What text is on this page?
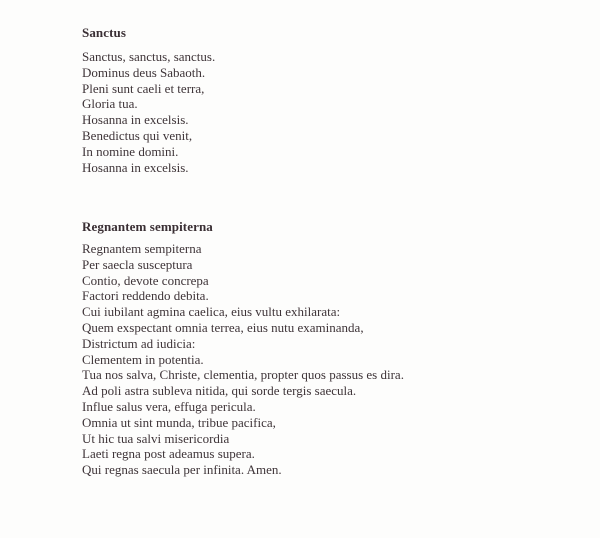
Sanctus
Sanctus, sanctus, sanctus.
Dominus deus Sabaoth.
Pleni sunt caeli et terra,
Gloria tua.
Hosanna in excelsis.
Benedictus qui venit,
In nomine domini.
Hosanna in excelsis.
Regnantem sempiterna
Regnantem sempiterna
Per saecla susceptura
Contio, devote concrepa
Factori reddendo debita.
Cui iubilant agmina caelica, eius vultu exhilarata:
Quem exspectant omnia terrea, eius nutu examinanda,
Districtum ad iudicia:
Clementem in potentia.
Tua nos salva, Christe, clementia, propter quos passus es dira.
Ad poli astra subleva nitida, qui sorde tergis saecula.
Influe salus vera, effuga pericula.
Omnia ut sint munda, tribue pacifica,
Ut hic tua salvi misericordia
Laeti regna post adeamus supera.
Qui regnas saecula per infinita. Amen.
